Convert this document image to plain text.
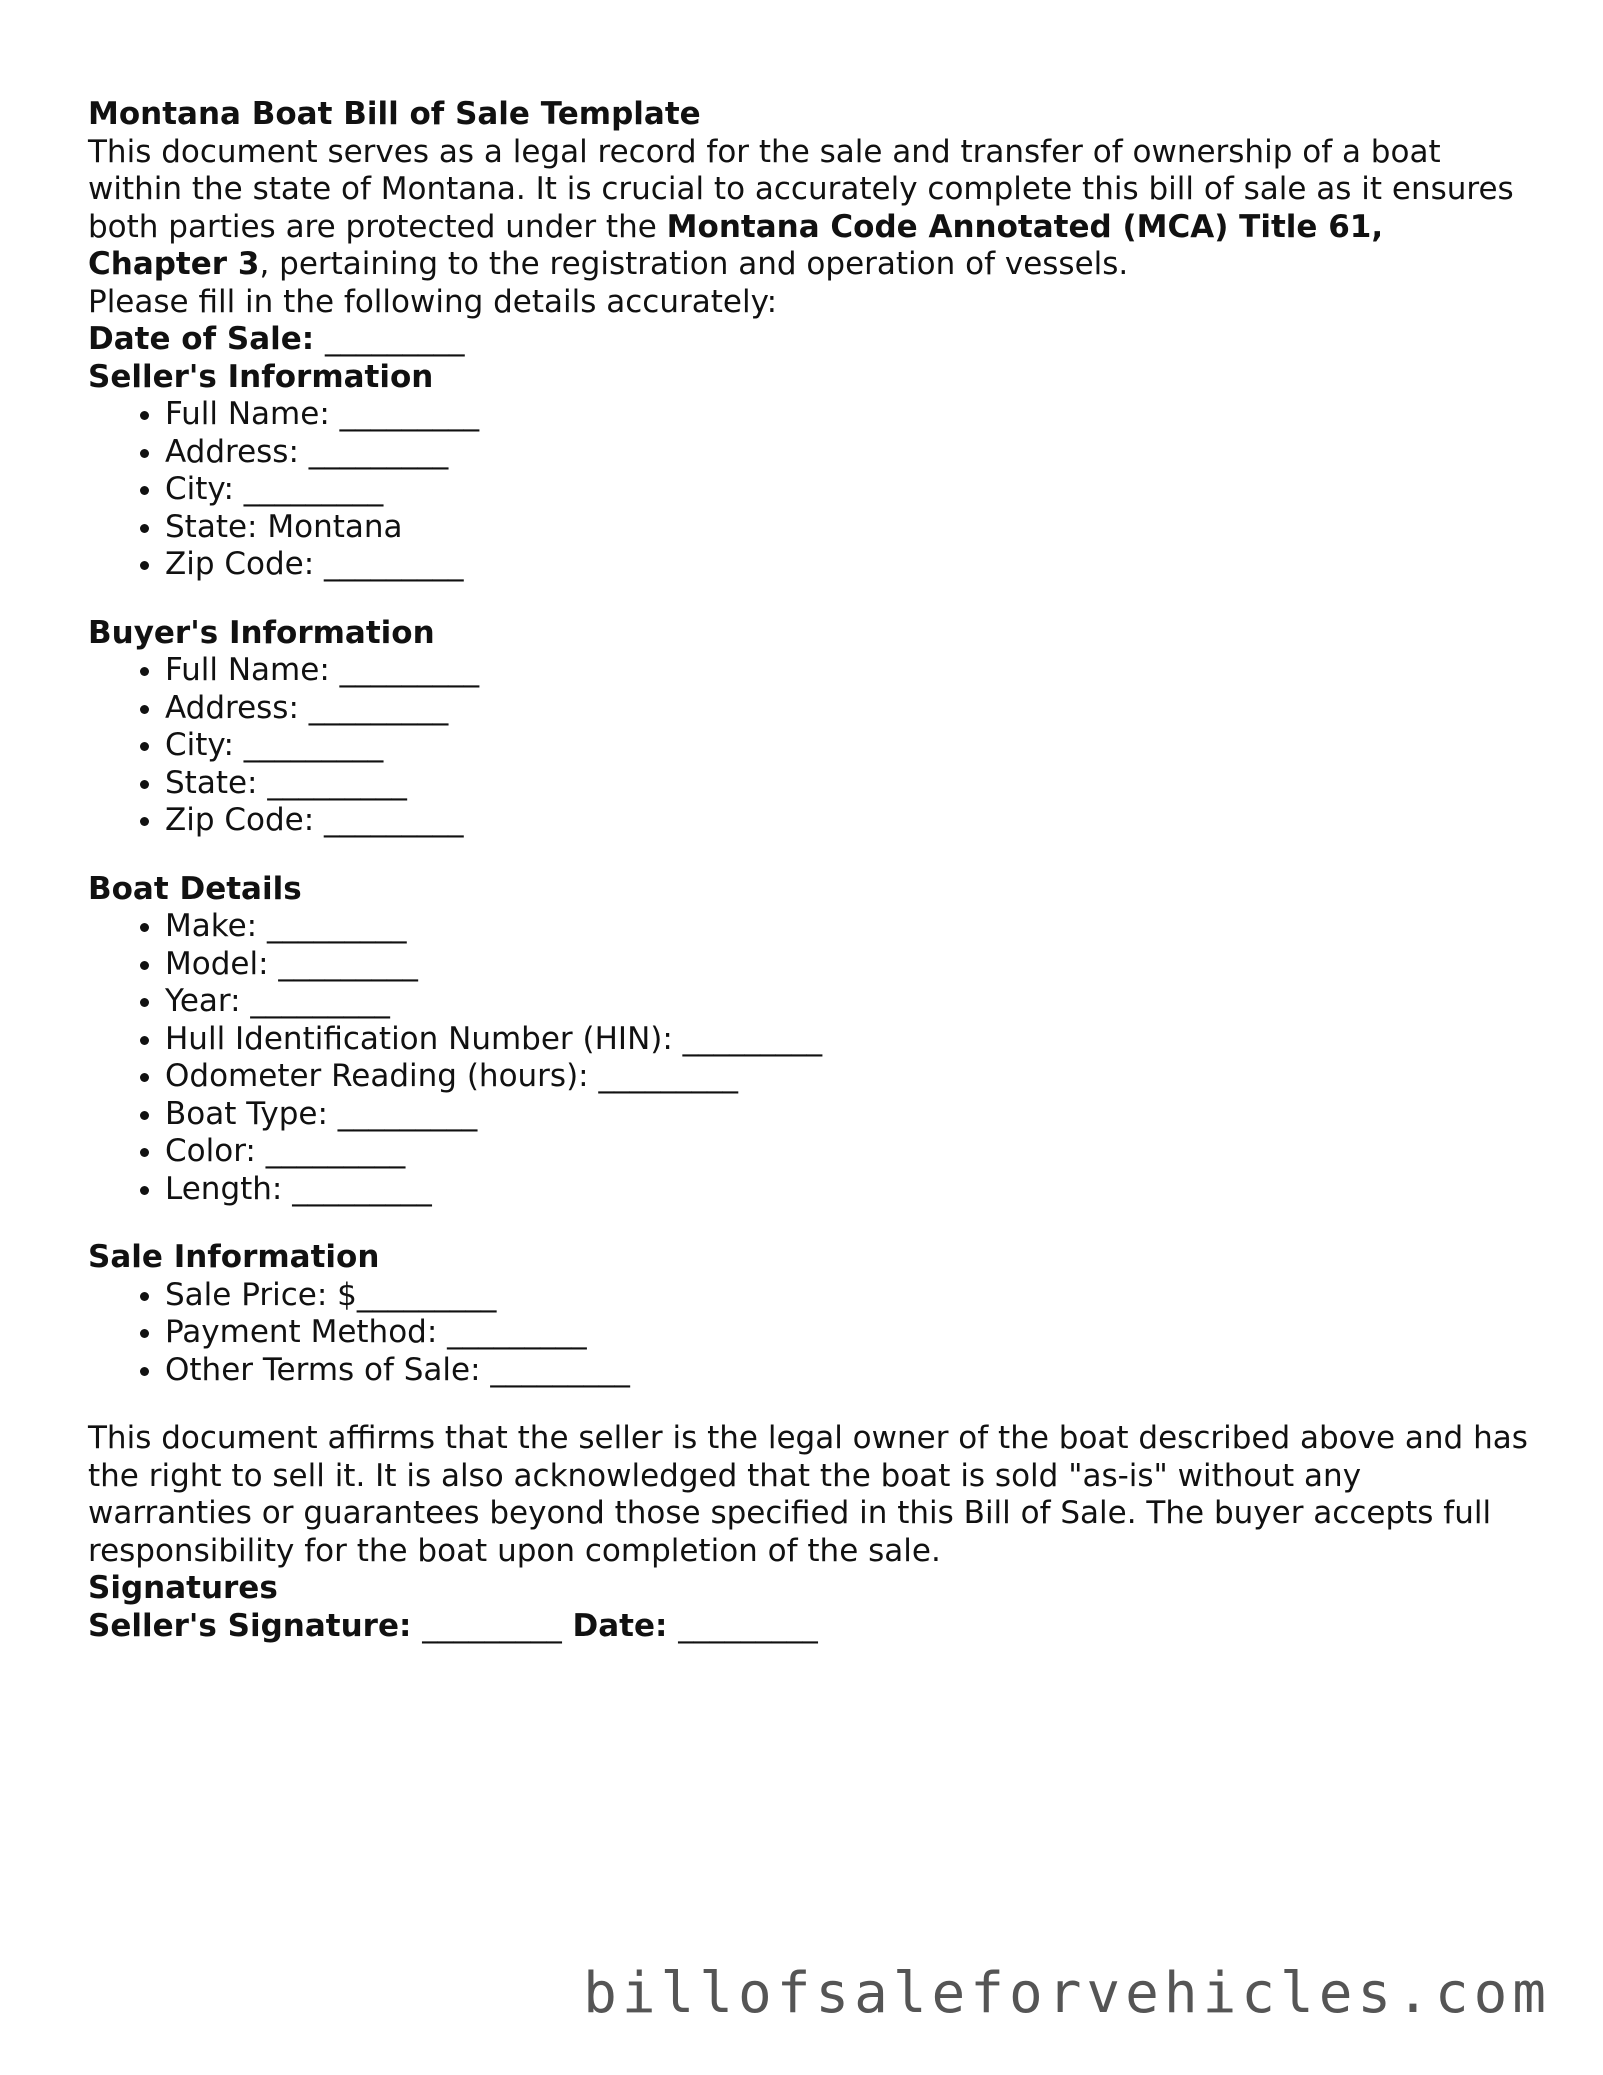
Montana Boat Bill of Sale Template

This document serves as a legal record for the sale and transfer of ownership of a boat within the state of Montana. It is crucial to accurately complete this bill of sale as it ensures both parties are protected under the Montana Code Annotated (MCA) Title 61, Chapter 3, pertaining to the registration and operation of vessels.

Please fill in the following details accurately:

Date of Sale: _________

Seller's Information

• Full Name: _________
• Address: _________
• City: _________
• State: Montana
• Zip Code: _________

Buyer's Information

• Full Name: _________
• Address: _________
• City: _________
• State: _________
• Zip Code: _________

Boat Details

• Make: _________
• Model: _________
• Year: _________
• Hull Identification Number (HIN): _________
• Odometer Reading (hours): _________
• Boat Type: _________
• Color: _________
• Length: _________

Sale Information

• Sale Price: $_________
• Payment Method: _________
• Other Terms of Sale: _________

This document affirms that the seller is the legal owner of the boat described above and has the right to sell it. It is also acknowledged that the boat is sold "as-is" without any warranties or guarantees beyond those specified in this Bill of Sale. The buyer accepts full responsibility for the boat upon completion of the sale.

Signatures

Seller's Signature: _________ Date: _________

billofsaleforvehicles.com
